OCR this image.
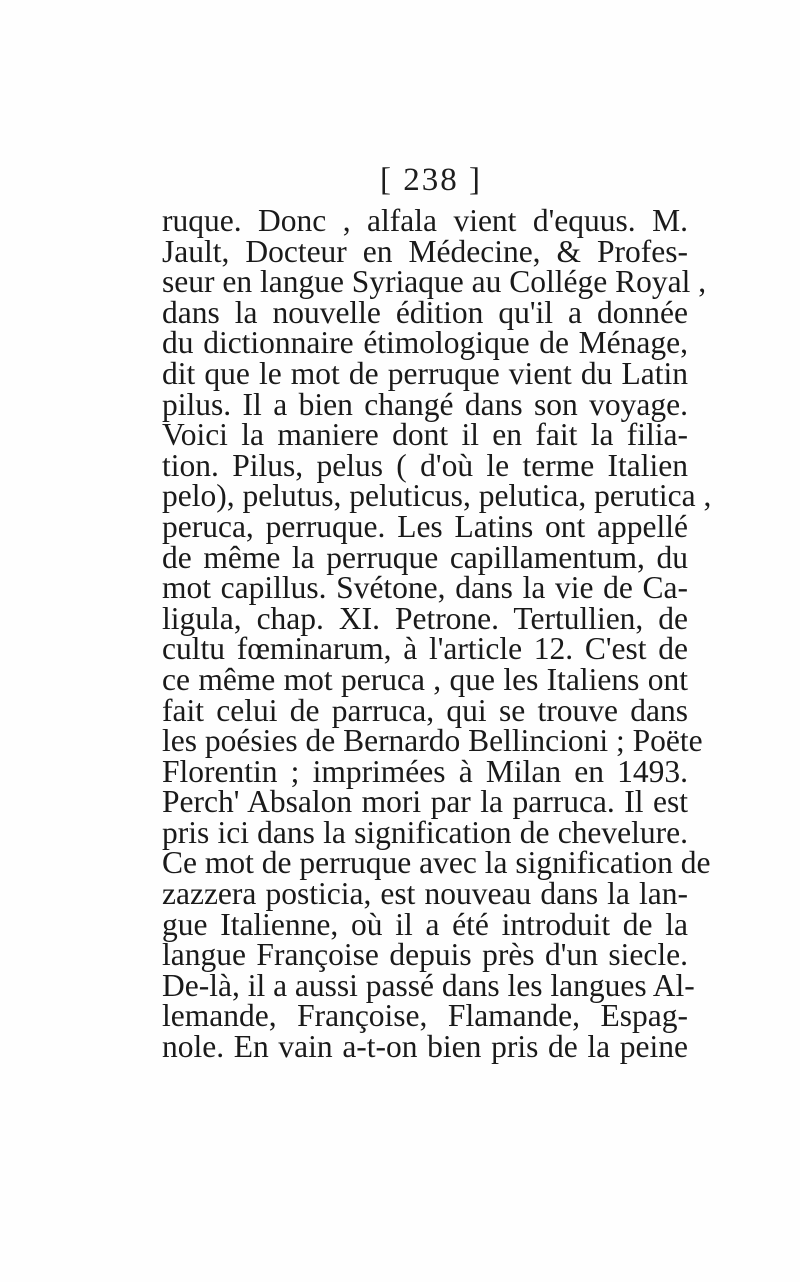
[ 238 ]
ruque. Donc , alfala vient d'equus. M.
Jault, Docteur en Médecine, & Profes-
seur en langue Syriaque au Collége Royal ,
dans la nouvelle édition qu'il a donnée
du dictionnaire étimologique de Ménage,
dit que le mot de perruque vient du Latin
pilus. Il a bien changé dans son voyage.
Voici la maniere dont il en fait la filia-
tion. Pilus, pelus ( d'où le terme Italien
pelo), pelutus, peluticus, pelutica, perutica ,
peruca, perruque. Les Latins ont appellé
de même la perruque capillamentum, du
mot capillus. Svétone, dans la vie de Ca-
ligula, chap. XI. Petrone. Tertullien, de
cultu fœminarum, à l'article 12. C'est de
ce même mot peruca , que les Italiens ont
fait celui de parruca, qui se trouve dans
les poésies de Bernardo Bellincioni ; Poëte
Florentin ; imprimées à Milan en 1493.
Perch' Absalon mori par la parruca. Il est
pris ici dans la signification de chevelure.
Ce mot de perruque avec la signification de
zazzera posticia, est nouveau dans la lan-
gue Italienne, où il a été introduit de la
langue Françoise depuis près d'un siecle.
De-là, il a aussi passé dans les langues Al-
lemande, Françoise, Flamande, Espag-
nole. En vain a-t-on bien pris de la peine
